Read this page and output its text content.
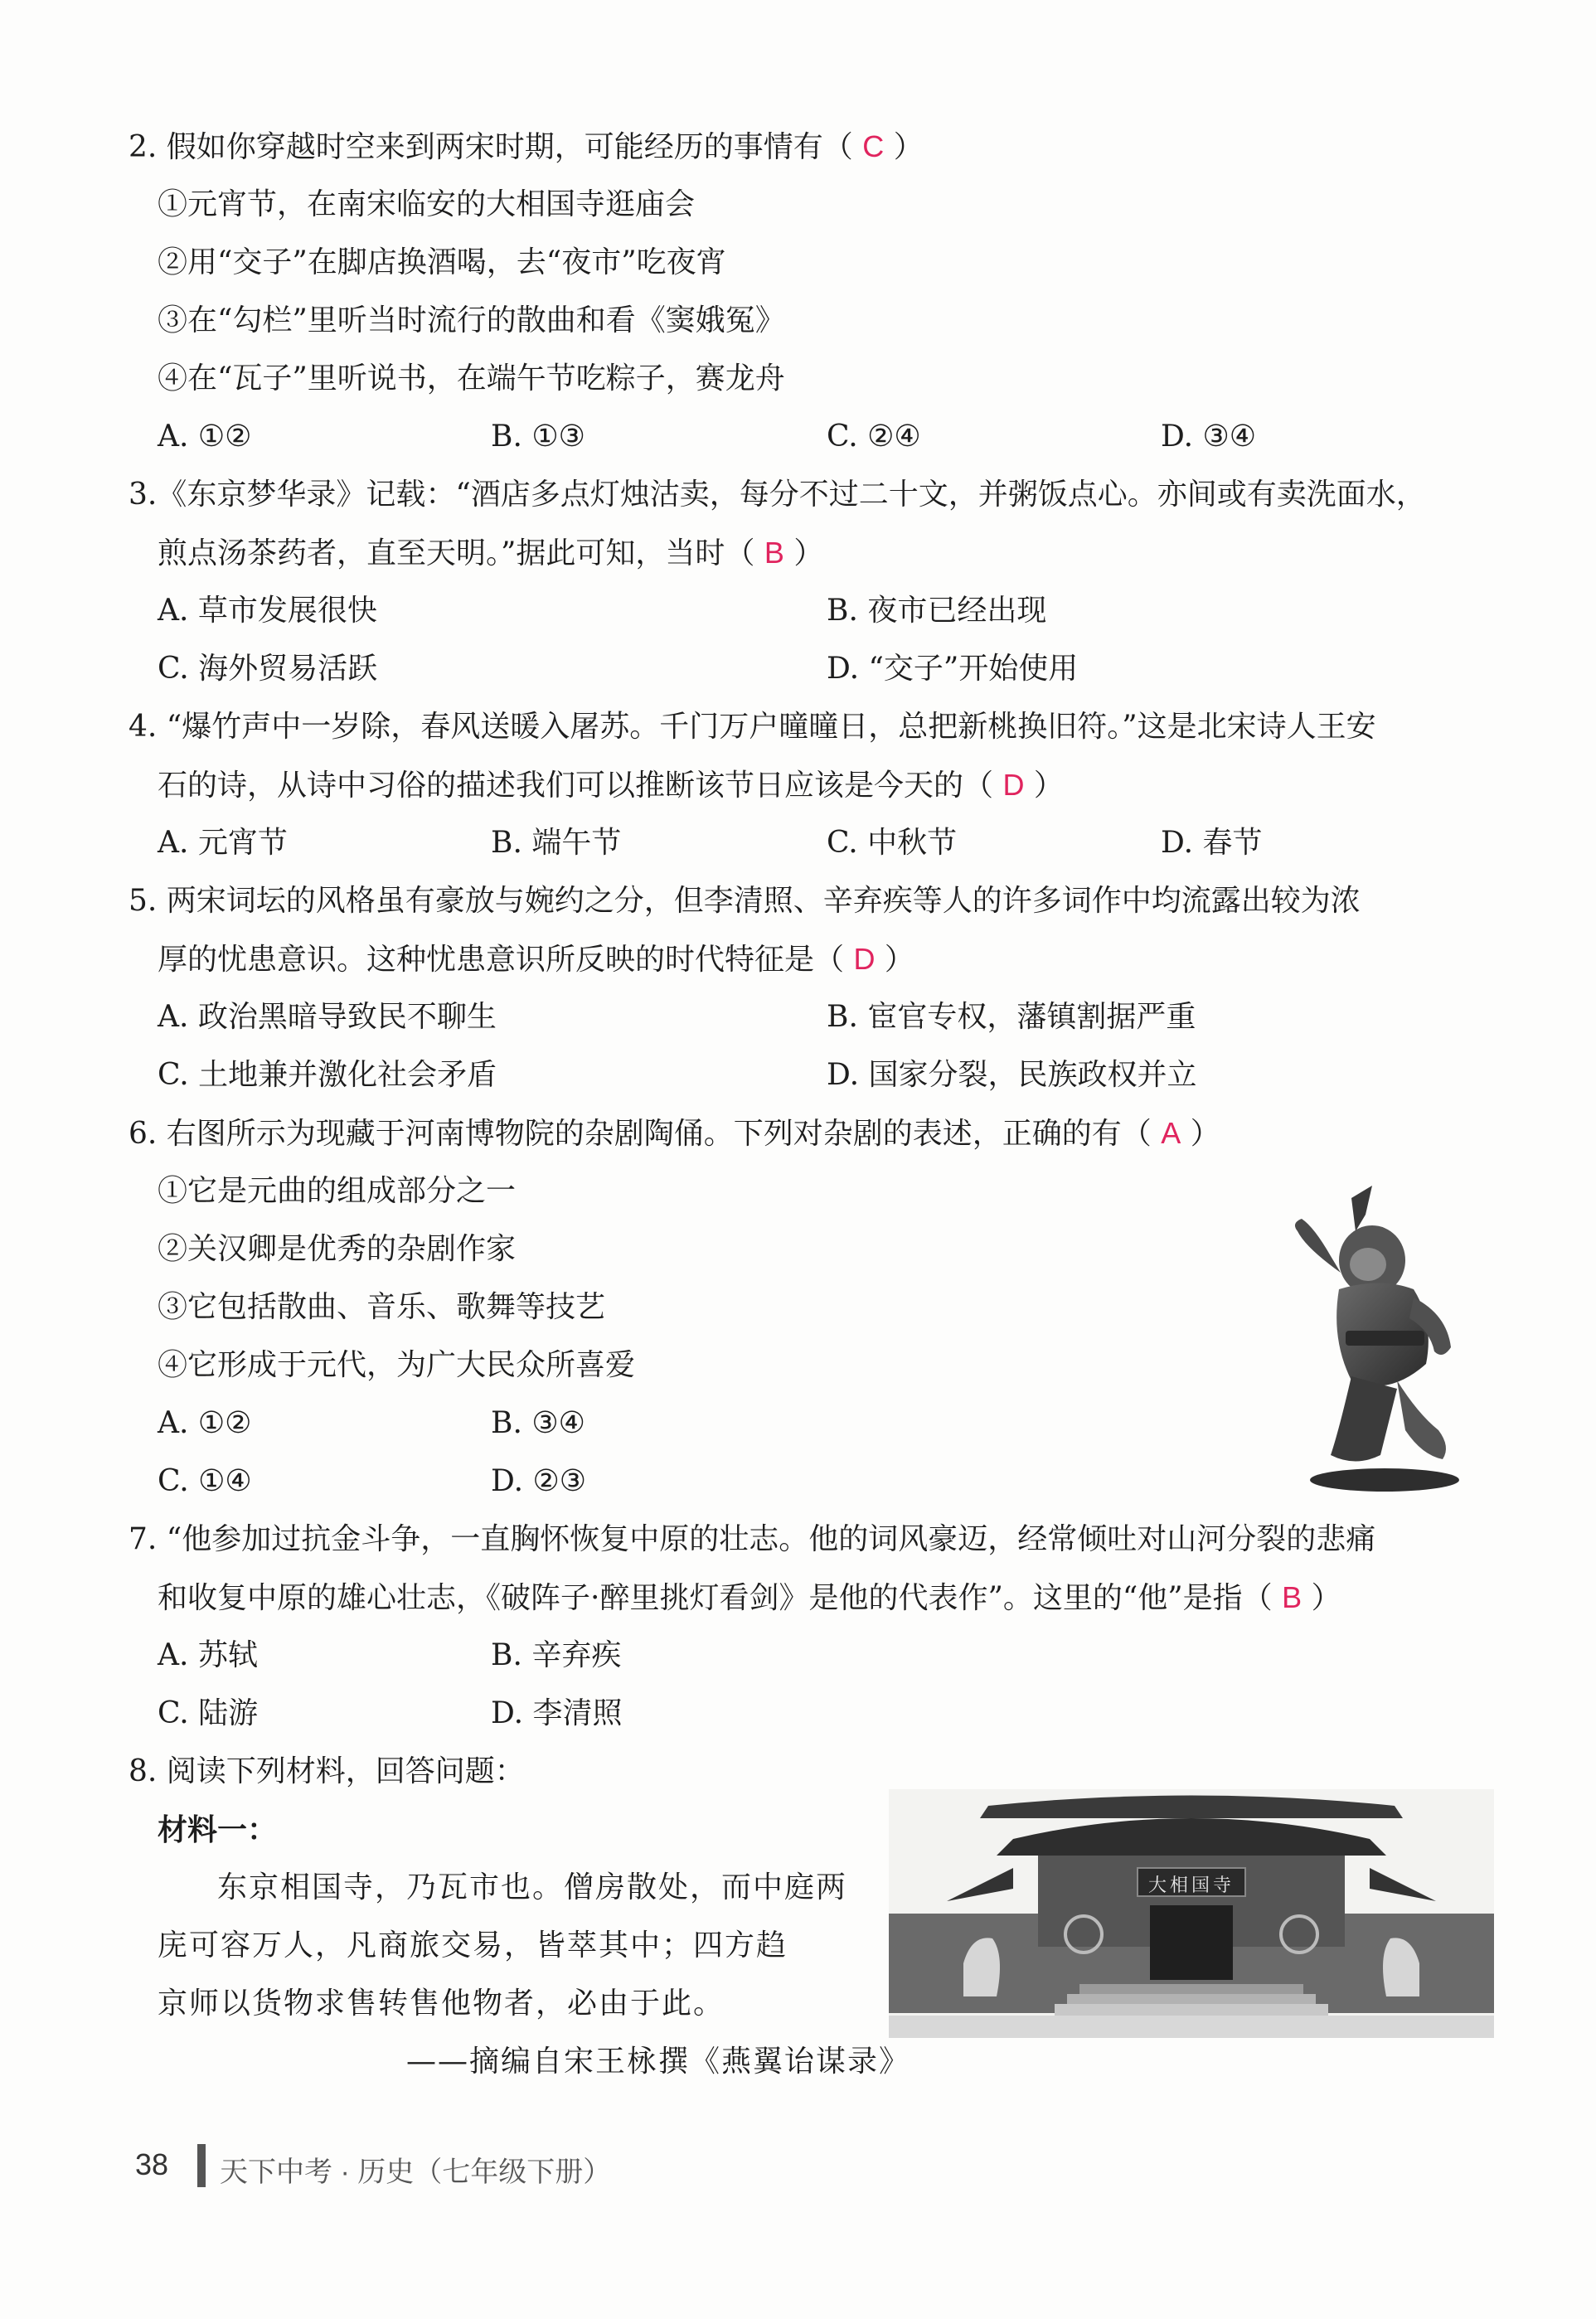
2. 假如你穿越时空来到两宋时期，可能经历的事情有（ C ）
①元宵节，在南宋临安的大相国寺逛庙会
②用“交子”在脚店换酒喝，去“夜市”吃夜宵
③在“勾栏”里听当时流行的散曲和看《窦娥冤》
④在“瓦子”里听说书，在端午节吃粽子，赛龙舟
A. ①②	B. ①③	C. ②④	D. ③④
3.《东京梦华录》记载：“酒店多点灯烛沽卖，每分不过二十文，并粥饭点心。亦间或有卖洗面水，
煎点汤茶药者，直至天明。”据此可知，当时（ B ）
A. 草市发展很快	B. 夜市已经出现
C. 海外贸易活跃	D. “交子”开始使用
4. “爆竹声中一岁除，春风送暖入屠苏。千门万户曈曈日，总把新桃换旧符。”这是北宋诗人王安
石的诗，从诗中习俗的描述我们可以推断该节日应该是今天的（ D ）
A. 元宵节	B. 端午节	C. 中秋节	D. 春节
5. 两宋词坛的风格虽有豪放与婉约之分，但李清照、辛弃疾等人的许多词作中均流露出较为浓
厚的忧患意识。这种忧患意识所反映的时代特征是（ D ）
A. 政治黑暗导致民不聊生	B. 宦官专权，藩镇割据严重
C. 土地兼并激化社会矛盾	D. 国家分裂，民族政权并立
6. 右图所示为现藏于河南博物院的杂剧陶俑。下列对杂剧的表述，正确的有（ A ）
①它是元曲的组成部分之一
②关汉卿是优秀的杂剧作家
③它包括散曲、音乐、歌舞等技艺
④它形成于元代，为广大民众所喜爱
A. ①②	B. ③④
C. ①④	D. ②③
7. “他参加过抗金斗争，一直胸怀恢复中原的壮志。他的词风豪迈，经常倾吐对山河分裂的悲痛
和收复中原的雄心壮志，《破阵子·醉里挑灯看剑》是他的代表作”。这里的“他”是指（ B ）
A. 苏轼	B. 辛弃疾
C. 陆游	D. 李清照
8. 阅读下列材料，回答问题：
材料一：
东京相国寺，乃瓦市也。僧房散处，而中庭两
庑可容万人，凡商旅交易，皆萃其中；四方趋
京师以货物求售转售他物者，必由于此。
——摘编自宋王栐撰《燕翼诒谋录》
大相国寺
38 天下中考 · 历史（七年级下册）
